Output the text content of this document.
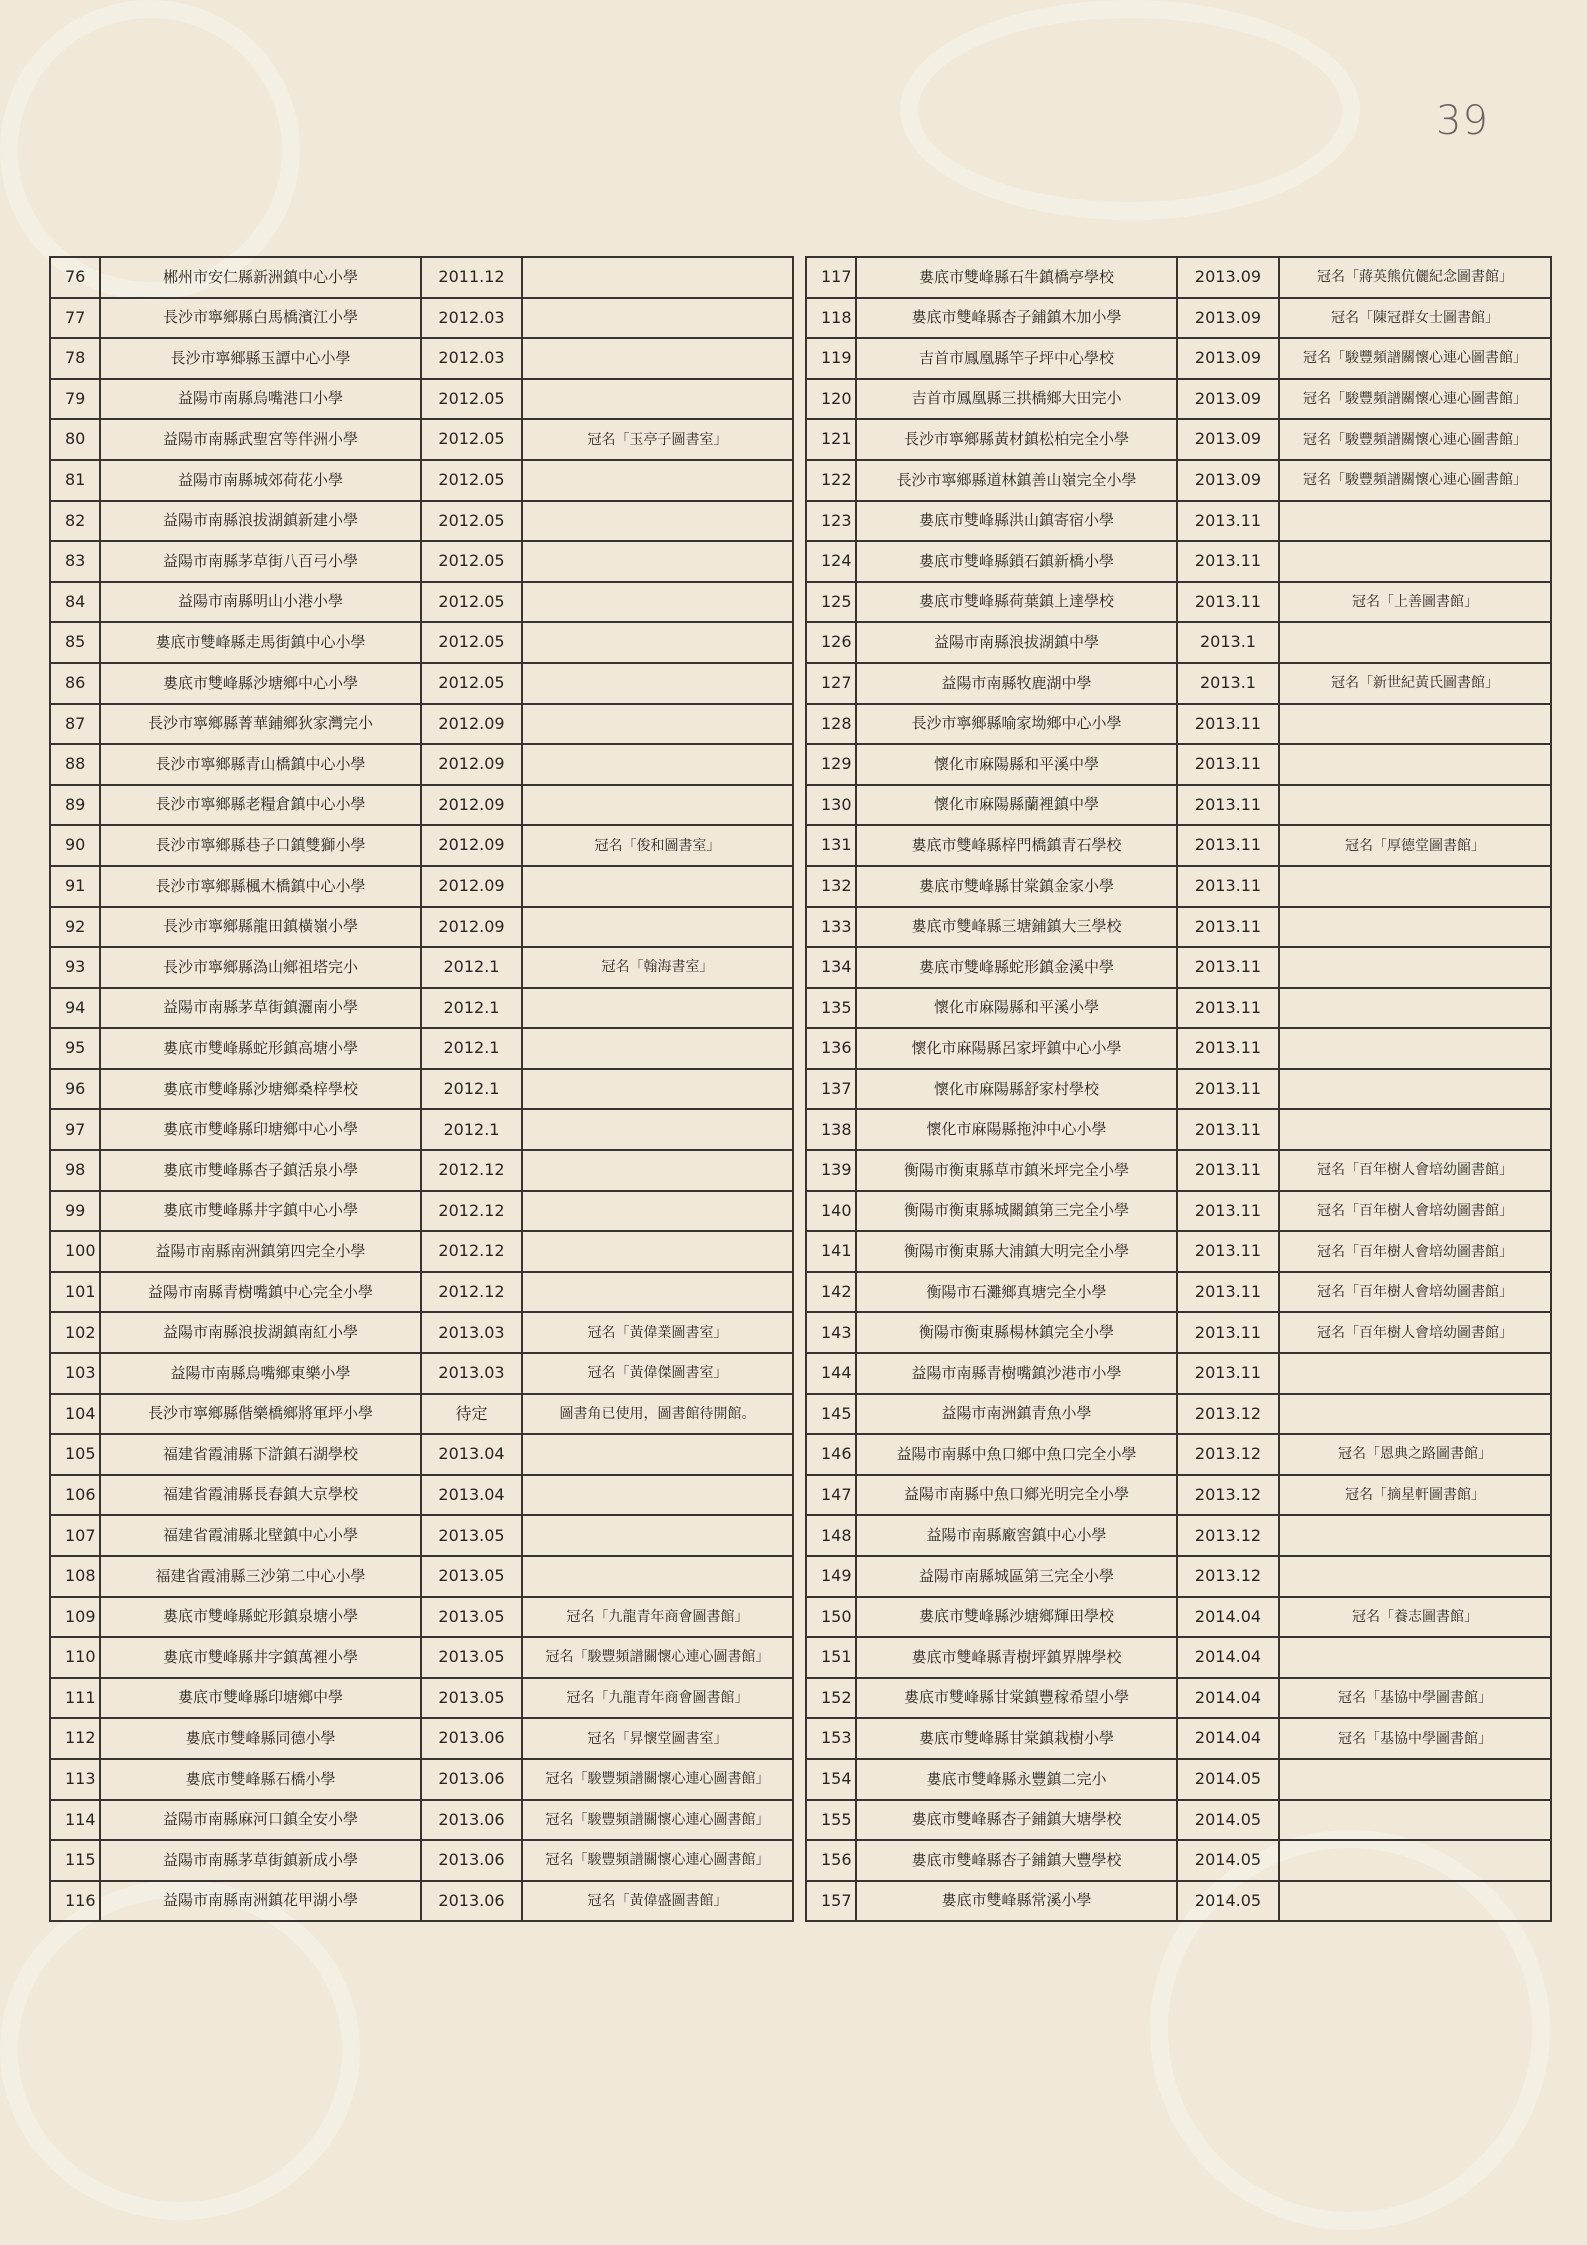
39
76	郴州市安仁縣新洲鎮中心小學	2011.12	
77	長沙市寧鄉縣白馬橋濱江小學	2012.03	
78	長沙市寧鄉縣玉譚中心小學	2012.03	
79	益陽市南縣烏嘴港口小學	2012.05	
80	益陽市南縣武聖宮等伴洲小學	2012.05	冠名「玉亭子圖書室」
81	益陽市南縣城郊荷花小學	2012.05	
82	益陽市南縣浪拔湖鎮新建小學	2012.05	
83	益陽市南縣茅草街八百弓小學	2012.05	
84	益陽市南縣明山小港小學	2012.05	
85	婁底市雙峰縣走馬街鎮中心小學	2012.05	
86	婁底市雙峰縣沙塘鄉中心小學	2012.05	
87	長沙市寧鄉縣菁華鋪鄉狄家灣完小	2012.09	
88	長沙市寧鄉縣青山橋鎮中心小學	2012.09	
89	長沙市寧鄉縣老糧倉鎮中心小學	2012.09	
90	長沙市寧鄉縣巷子口鎮雙獅小學	2012.09	冠名「俊和圖書室」
91	長沙市寧鄉縣楓木橋鎮中心小學	2012.09	
92	長沙市寧鄉縣龍田鎮橫嶺小學	2012.09	
93	長沙市寧鄉縣溈山鄉祖塔完小	2012.1	冠名「翰海書室」
94	益陽市南縣茅草街鎮灑南小學	2012.1	
95	婁底市雙峰縣蛇形鎮高塘小學	2012.1	
96	婁底市雙峰縣沙塘鄉桑梓學校	2012.1	
97	婁底市雙峰縣印塘鄉中心小學	2012.1	
98	婁底市雙峰縣杏子鎮活泉小學	2012.12	
99	婁底市雙峰縣井字鎮中心小學	2012.12	
100	益陽市南縣南洲鎮第四完全小學	2012.12	
101	益陽市南縣青樹嘴鎮中心完全小學	2012.12	
102	益陽市南縣浪拔湖鎮南紅小學	2013.03	冠名「黃偉業圖書室」
103	益陽市南縣烏嘴鄉東樂小學	2013.03	冠名「黃偉傑圖書室」
104	長沙市寧鄉縣偕樂橋鄉將軍坪小學	待定	圖書角已使用，圖書館待開館。
105	福建省霞浦縣下滸鎮石湖學校	2013.04	
106	福建省霞浦縣長春鎮大京學校	2013.04	
107	福建省霞浦縣北壁鎮中心小學	2013.05	
108	福建省霞浦縣三沙第二中心小學	2013.05	
109	婁底市雙峰縣蛇形鎮泉塘小學	2013.05	冠名「九龍青年商會圖書館」
110	婁底市雙峰縣井字鎮萬裡小學	2013.05	冠名「駿豐頻譜關懷心連心圖書館」
111	婁底市雙峰縣印塘鄉中學	2013.05	冠名「九龍青年商會圖書館」
112	婁底市雙峰縣同德小學	2013.06	冠名「昇懷堂圖書室」
113	婁底市雙峰縣石橋小學	2013.06	冠名「駿豐頻譜關懷心連心圖書館」
114	益陽市南縣麻河口鎮全安小學	2013.06	冠名「駿豐頻譜關懷心連心圖書館」
115	益陽市南縣茅草街鎮新成小學	2013.06	冠名「駿豐頻譜關懷心連心圖書館」
116	益陽市南縣南洲鎮花甲湖小學	2013.06	冠名「黃偉盛圖書館」
117	婁底市雙峰縣石牛鎮橋亭學校	2013.09	冠名「蔣英熊伉儷紀念圖書館」
118	婁底市雙峰縣杏子鋪鎮木加小學	2013.09	冠名「陳冠群女士圖書館」
119	吉首市鳳凰縣竿子坪中心學校	2013.09	冠名「駿豐頻譜關懷心連心圖書館」
120	吉首市鳳凰縣三拱橋鄉大田完小	2013.09	冠名「駿豐頻譜關懷心連心圖書館」
121	長沙市寧鄉縣黃材鎮松柏完全小學	2013.09	冠名「駿豐頻譜關懷心連心圖書館」
122	長沙市寧鄉縣道林鎮善山嶺完全小學	2013.09	冠名「駿豐頻譜關懷心連心圖書館」
123	婁底市雙峰縣洪山鎮寄宿小學	2013.11	
124	婁底市雙峰縣鎖石鎮新橋小學	2013.11	
125	婁底市雙峰縣荷葉鎮上達學校	2013.11	冠名「上善圖書館」
126	益陽市南縣浪拔湖鎮中學	2013.1	
127	益陽市南縣牧鹿湖中學	2013.1	冠名「新世紀黃氏圖書館」
128	長沙市寧鄉縣喻家坳鄉中心小學	2013.11	
129	懷化市麻陽縣和平溪中學	2013.11	
130	懷化市麻陽縣蘭裡鎮中學	2013.11	
131	婁底市雙峰縣梓門橋鎮青石學校	2013.11	冠名「厚德堂圖書館」
132	婁底市雙峰縣甘棠鎮金家小學	2013.11	
133	婁底市雙峰縣三塘鋪鎮大三學校	2013.11	
134	婁底市雙峰縣蛇形鎮金溪中學	2013.11	
135	懷化市麻陽縣和平溪小學	2013.11	
136	懷化市麻陽縣呂家坪鎮中心小學	2013.11	
137	懷化市麻陽縣舒家村學校	2013.11	
138	懷化市麻陽縣拖沖中心小學	2013.11	
139	衡陽市衡東縣草市鎮米坪完全小學	2013.11	冠名「百年樹人會培幼圖書館」
140	衡陽市衡東縣城關鎮第三完全小學	2013.11	冠名「百年樹人會培幼圖書館」
141	衡陽市衡東縣大浦鎮大明完全小學	2013.11	冠名「百年樹人會培幼圖書館」
142	衡陽市石灘鄉真塘完全小學	2013.11	冠名「百年樹人會培幼圖書館」
143	衡陽市衡東縣楊林鎮完全小學	2013.11	冠名「百年樹人會培幼圖書館」
144	益陽市南縣青樹嘴鎮沙港市小學	2013.11	
145	益陽市南洲鎮青魚小學	2013.12	
146	益陽市南縣中魚口鄉中魚口完全小學	2013.12	冠名「恩典之路圖書館」
147	益陽市南縣中魚口鄉光明完全小學	2013.12	冠名「摘星軒圖書館」
148	益陽市南縣廠窖鎮中心小學	2013.12	
149	益陽市南縣城區第三完全小學	2013.12	
150	婁底市雙峰縣沙塘鄉輝田學校	2014.04	冠名「養志圖書館」
151	婁底市雙峰縣青樹坪鎮界牌學校	2014.04	
152	婁底市雙峰縣甘棠鎮豐稼希望小學	2014.04	冠名「基協中學圖書館」
153	婁底市雙峰縣甘棠鎮栽樹小學	2014.04	冠名「基協中學圖書館」
154	婁底市雙峰縣永豐鎮二完小	2014.05	
155	婁底市雙峰縣杏子鋪鎮大塘學校	2014.05	
156	婁底市雙峰縣杏子鋪鎮大豐學校	2014.05	
157	婁底市雙峰縣常溪小學	2014.05	
